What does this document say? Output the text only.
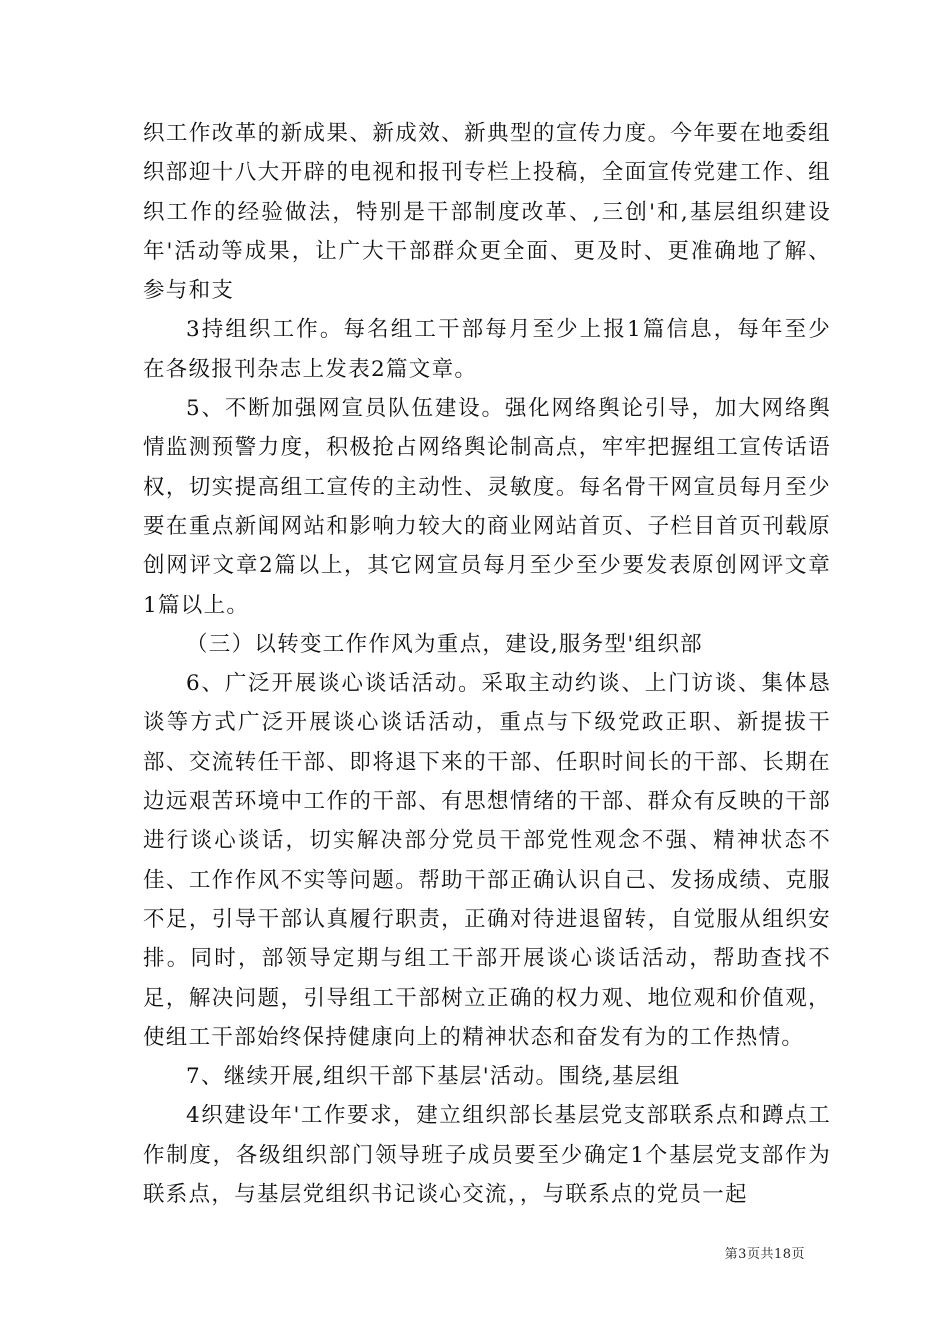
织工作改革的新成果、新成效、新典型的宣传力度。今年要在地委组织部迎十八大开辟的电视和报刊专栏上投稿，全面宣传党建工作、组织工作的经验做法，特别是干部制度改革、,三创'和,基层组织建设年'活动等成果，让广大干部群众更全面、更及时、更准确地了解、参与和支

3持组织工作。每名组工干部每月至少上报1篇信息，每年至少在各级报刊杂志上发表2篇文章。

5、不断加强网宣员队伍建设。强化网络舆论引导，加大网络舆情监测预警力度，积极抢占网络舆论制高点，牢牢把握组工宣传话语权，切实提高组工宣传的主动性、灵敏度。每名骨干网宣员每月至少要在重点新闻网站和影响力较大的商业网站首页、子栏目首页刊载原创网评文章2篇以上，其它网宣员每月至少至少要发表原创网评文章1篇以上。

（三）以转变工作作风为重点，建设,服务型'组织部

6、广泛开展谈心谈话活动。采取主动约谈、上门访谈、集体恳谈等方式广泛开展谈心谈话活动，重点与下级党政正职、新提拔干部、交流转任干部、即将退下来的干部、任职时间长的干部、长期在边远艰苦环境中工作的干部、有思想情绪的干部、群众有反映的干部进行谈心谈话，切实解决部分党员干部党性观念不强、精神状态不佳、工作作风不实等问题。帮助干部正确认识自己、发扬成绩、克服不足，引导干部认真履行职责，正确对待进退留转，自觉服从组织安排。同时，部领导定期与组工干部开展谈心谈话活动，帮助查找不足，解决问题，引导组工干部树立正确的权力观、地位观和价值观，使组工干部始终保持健康向上的精神状态和奋发有为的工作热情。

7、继续开展,组织干部下基层'活动。围绕,基层组

4织建设年'工作要求，建立组织部长基层党支部联系点和蹲点工作制度，各级组织部门领导班子成员要至少确定1个基层党支部作为联系点，与基层党组织书记谈心交流，，与联系点的党员一起

第3页共18页
